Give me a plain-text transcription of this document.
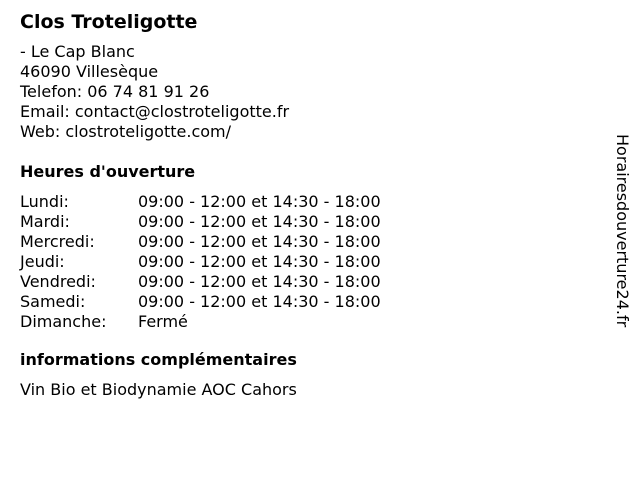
Clos Troteligotte
- Le Cap Blanc
46090 Villesèque
Telefon: 06 74 81 91 26
Email: contact@clostroteligotte.fr
Web: clostroteligotte.com/
Heures d'ouverture
Lundi:	09:00 - 12:00 et 14:30 - 18:00
Mardi:	09:00 - 12:00 et 14:30 - 18:00
Mercredi:	09:00 - 12:00 et 14:30 - 18:00
Jeudi:	09:00 - 12:00 et 14:30 - 18:00
Vendredi:	09:00 - 12:00 et 14:30 - 18:00
Samedi:	09:00 - 12:00 et 14:30 - 18:00
Dimanche:	Fermé
informations complémentaires
Vin Bio et Biodynamie AOC Cahors
Horairesdouverture24.fr
